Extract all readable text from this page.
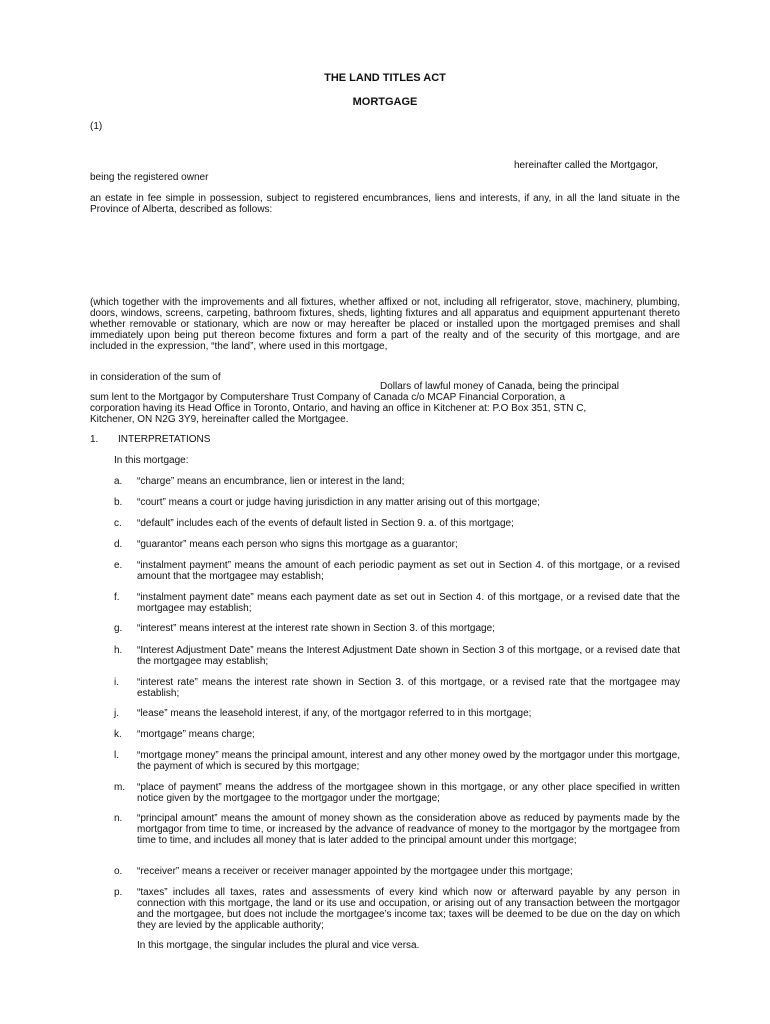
THE LAND TITLES ACT
MORTGAGE
(1)
hereinafter called the Mortgagor,
being the registered owner
an estate in fee simple in possession, subject to registered encumbrances, liens and interests, if any, in all the land situate in the Province of Alberta, described as follows:
(which together with the improvements and all fixtures, whether affixed or not, including all refrigerator, stove, machinery, plumbing, doors, windows, screens, carpeting, bathroom fixtures, sheds, lighting fixtures and all apparatus and equipment appurtenant thereto whether removable or stationary, which are now or may hereafter be placed or installed upon the mortgaged premises and shall immediately upon being put thereon become fixtures and form a part of the realty and of the security of this mortgage, and are included in the expression, “the land”, where used in this mortgage,
in consideration of the sum of
Dollars of lawful money of Canada, being the principal
sum lent to the Mortgagor by Computershare Trust Company of Canada c/o MCAP Financial Corporation, a
corporation having its Head Office in Toronto, Ontario, and having an office in Kitchener at: P.O Box 351, STN C,
Kitchener, ON N2G 3Y9, hereinafter called the Mortgagee.
1. INTERPRETATIONS
In this mortgage:
a. “charge” means an encumbrance, lien or interest in the land;
b. “court” means a court or judge having jurisdiction in any matter arising out of this mortgage;
c. “default” includes each of the events of default listed in Section 9. a. of this mortgage;
d. “guarantor” means each person who signs this mortgage as a guarantor;
e. “instalment payment” means the amount of each periodic payment as set out in Section 4. of this mortgage, or a revised amount that the mortgagee may establish;
f. “instalment payment date” means each payment date as set out in Section 4. of this mortgage, or a revised date that the mortgagee may establish;
g. “interest” means interest at the interest rate shown in Section 3. of this mortgage;
h. “Interest Adjustment Date” means the Interest Adjustment Date shown in Section 3 of this mortgage, or a revised date that the mortgagee may establish;
i. “interest rate” means the interest rate shown in Section 3. of this mortgage, or a revised rate that the mortgagee may establish;
j. “lease” means the leasehold interest, if any, of the mortgagor referred to in this mortgage;
k. “mortgage” means charge;
l. “mortgage money” means the principal amount, interest and any other money owed by the mortgagor under this mortgage, the payment of which is secured by this mortgage;
m. “place of payment” means the address of the mortgagee shown in this mortgage, or any other place specified in written notice given by the mortgagee to the mortgagor under the mortgage;
n. “principal amount” means the amount of money shown as the consideration above as reduced by payments made by the mortgagor from time to time, or increased by the advance of readvance of money to the mortgagor by the mortgagee from time to time, and includes all money that is later added to the principal amount under this mortgage;
o. “receiver” means a receiver or receiver manager appointed by the mortgagee under this mortgage;
p. “taxes” includes all taxes, rates and assessments of every kind which now or afterward payable by any person in connection with this mortgage, the land or its use and occupation, or arising out of any transaction between the mortgagor and the mortgagee, but does not include the mortgagee’s income tax; taxes will be deemed to be due on the day on which they are levied by the applicable authority;
In this mortgage, the singular includes the plural and vice versa.
